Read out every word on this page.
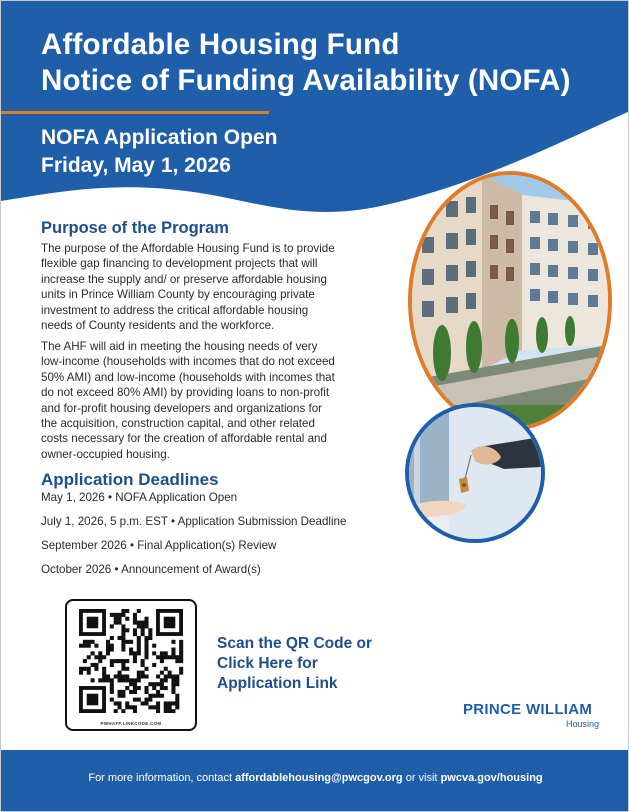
Affordable Housing Fund
Notice of Funding Availability (NOFA)
NOFA Application Open
Friday, May 1, 2026
Purpose of the Program
The purpose of the Affordable Housing Fund is to provide
flexible gap financing to development projects that will
increase the supply and/ or preserve affordable housing
units in Prince William County by encouraging private
investment to address the critical affordable housing
needs of County residents and the workforce.
The AHF will aid in meeting the housing needs of very
low-income (households with incomes that do not exceed
50% AMI) and low-income (households with incomes that
do not exceed 80% AMI) by providing loans to non-profit
and for-profit housing developers and organizations for
the acquisition, construction capital, and other related
costs necessary for the creation of affordable rental and
owner-occupied housing.
Application Deadlines

May 1, 2026 • NOFA Application Open

July 1, 2026, 5 p.m. EST • Application Submission Deadline

September 2026 • Final Application(s) Review

October 2026 • Announcement of Award(s)

PWHAFF.LINKCODE.COM
Scan the QR Code or
Click Here for
Application Link
PRINCE WILLIAM
Housing
For more information, contact affordablehousing@pwcgov.org or visit pwcva.gov/housing
